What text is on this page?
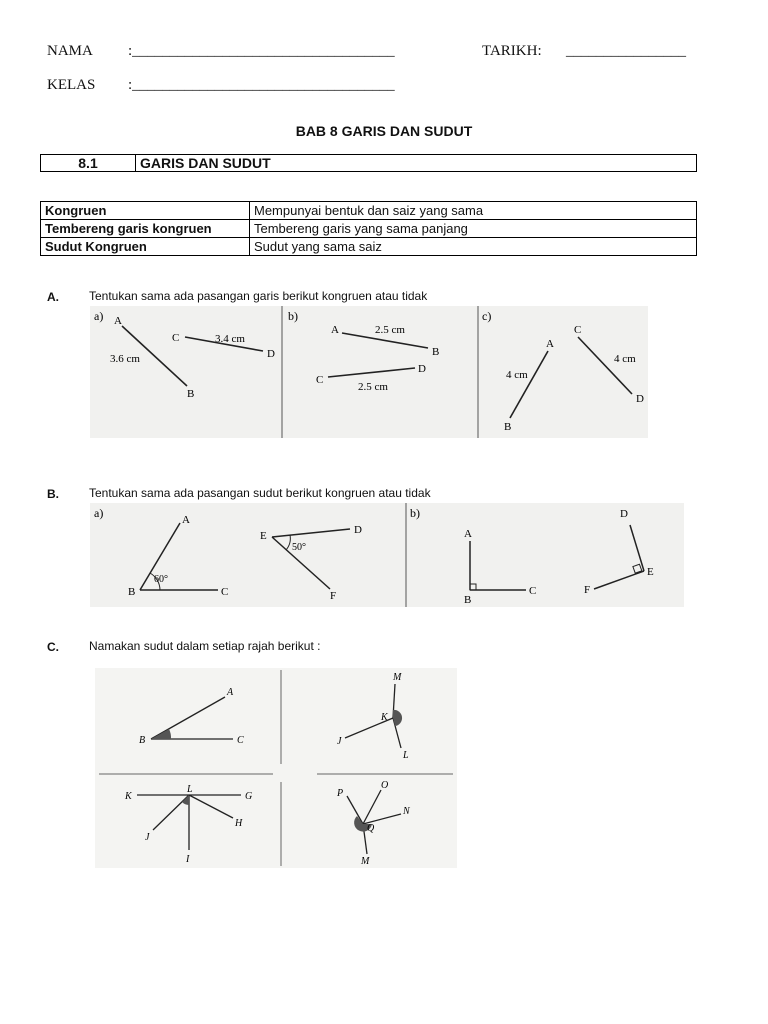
NAMA :___________________________________	TARIKH: ________________
KELAS :___________________________________
BAB 8 GARIS DAN SUDUT
8.1	GARIS DAN SUDUT
Kongruen	Mempunyai bentuk dan saiz yang sama
Tembereng garis kongruen	Tembereng garis yang sama panjang
Sudut Kongruen	Sudut yang sama saiz
A.	Tentukan sama ada pasangan garis berikut kongruen atau tidak
a) A
C
D
B
3.6 cm
3.4 cm
b)
A
B
C
D
2.5 cm
2.5 cm
c)
A
B
C
D
4 cm
4 cm
B.	Tentukan sama ada pasangan sudut berikut kongruen atau tidak
a)	A
B	C
60°
E	D
F
50°
b)
A
B
C
D
E
F
C.	Namakan sudut dalam setiap rajah berikut :
A
B	C
M
K
J
L
K
L
G
J
H
I
P
O
N
Q
M
